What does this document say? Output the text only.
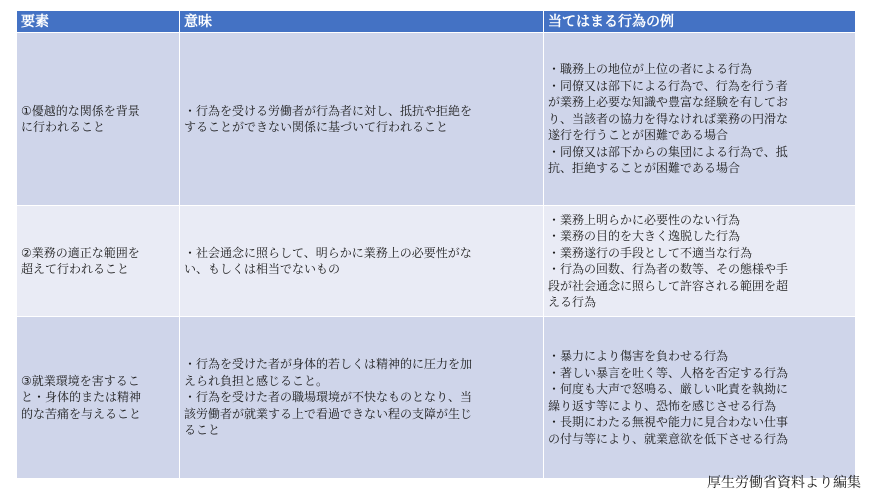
要素	意味	当てはまる行為の例
①優越的な関係を背景
に行われること
・行為を受ける労働者が行為者に対し、抵抗や拒絶を
することができない関係に基づいて行われること
・職務上の地位が上位の者による行為
・同僚又は部下による行為で、行為を行う者
が業務上必要な知識や豊富な経験を有してお
り、当該者の協力を得なければ業務の円滑な
遂行を行うことが困難である場合
・同僚又は部下からの集団による行為で、抵
抗、拒絶することが困難である場合
②業務の適正な範囲を
超えて行われること
・社会通念に照らして、明らかに業務上の必要性がな
い、もしくは相当でないもの
・業務上明らかに必要性のない行為
・業務の目的を大きく逸脱した行為
・業務遂行の手段として不適当な行為
・行為の回数、行為者の数等、その態様や手
段が社会通念に照らして許容される範囲を超
える行為
③就業環境を害するこ
と・身体的または精神
的な苦痛を与えること
・行為を受けた者が身体的若しくは精神的に圧力を加
えられ負担と感じること。
・行為を受けた者の職場環境が不快なものとなり、当
該労働者が就業する上で看過できない程の支障が生じ
ること
・暴力により傷害を負わせる行為
・著しい暴言を吐く等、人格を否定する行為
・何度も大声で怒鳴る、厳しい叱責を執拗に
繰り返す等により、恐怖を感じさせる行為
・長期にわたる無視や能力に見合わない仕事
の付与等により、就業意欲を低下させる行為
厚生労働省資料より編集
